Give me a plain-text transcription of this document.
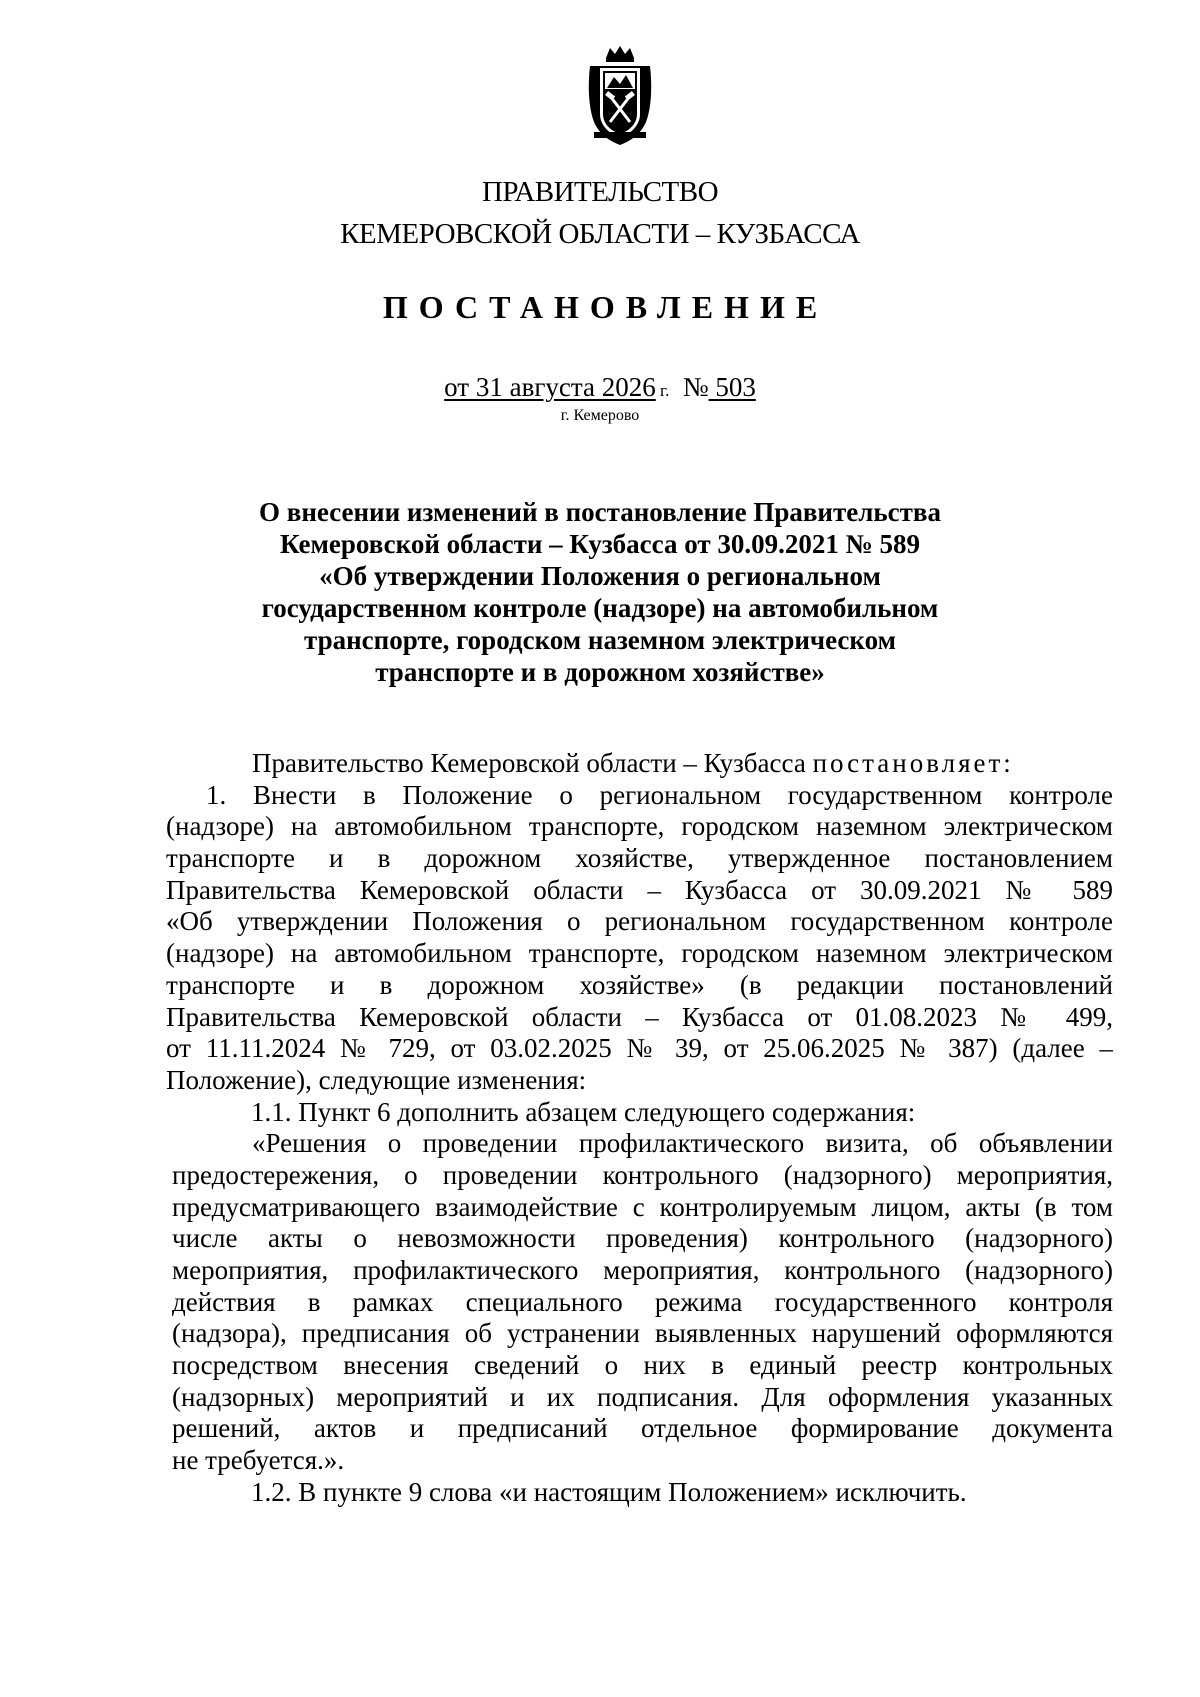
ПРАВИТЕЛЬСТВО
КЕМЕРОВСКОЙ ОБЛАСТИ – КУЗБАССА
ПОСТАНОВЛЕНИЕ
от 31 августа 2026 г.  № 503
г. Кемерово
О внесении изменений в постановление Правительства
Кемеровской области – Кузбасса от 30.09.2021 № 589
«Об утверждении Положения о региональном
государственном контроле (надзоре) на автомобильном
транспорте, городском наземном электрическом
транспорте и в дорожном хозяйстве»
Правительство Кемеровской области – Кузбасса постановляет:
1. Внести в Положение о региональном государственном контроле
(надзоре) на автомобильном транспорте, городском наземном электрическом
транспорте и в дорожном хозяйстве, утвержденное постановлением
Правительства Кемеровской области – Кузбасса от 30.09.2021 № 589
«Об утверждении Положения о региональном государственном контроле
(надзоре) на автомобильном транспорте, городском наземном электрическом
транспорте и в дорожном хозяйстве» (в редакции постановлений
Правительства Кемеровской области – Кузбасса от 01.08.2023 № 499,
от 11.11.2024 № 729, от 03.02.2025 № 39, от 25.06.2025 № 387) (далее –
Положение), следующие изменения:
1.1. Пункт 6 дополнить абзацем следующего содержания:
«Решения о проведении профилактического визита, об объявлении
предостережения, о проведении контрольного (надзорного) мероприятия,
предусматривающего взаимодействие с контролируемым лицом, акты (в том
числе акты о невозможности проведения) контрольного (надзорного)
мероприятия, профилактического мероприятия, контрольного (надзорного)
действия в рамках специального режима государственного контроля
(надзора), предписания об устранении выявленных нарушений оформляются
посредством внесения сведений о них в единый реестр контрольных
(надзорных) мероприятий и их подписания. Для оформления указанных
решений, актов и предписаний отдельное формирование документа
не требуется.».
1.2. В пункте 9 слова «и настоящим Положением» исключить.
